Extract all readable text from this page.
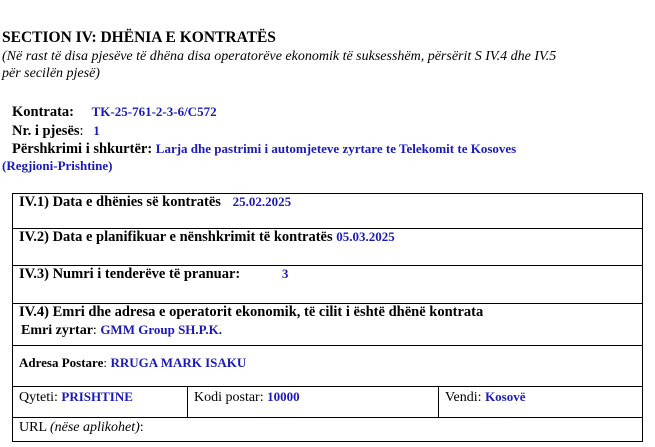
SECTION IV: DHËNIA E KONTRATËS
(Në rast të disa pjesëve të dhëna disa operatorëve ekonomik të suksesshëm, përsërit S IV.4 dhe IV.5
për secilën pjesë)
Kontrata: TK-25-761-2-3-6/C572
Nr. i pjesës: 1
Përshkrimi i shkurtër: Larja dhe pastrimi i automjeteve zyrtare te Telekomit te Kosoves
(Regjioni-Prishtine)
IV.1) Data e dhënies së kontratës 25.02.2025
IV.2) Data e planifikuar e nënshkrimit të kontratës 05.03.2025
IV.3) Numri i tenderëve të pranuar:	3

IV.4) Emri dhe adresa e operatorit ekonomik, të cilit i është dhënë kontrata
Emri zyrtar: GMM Group SH.P.K.

Adresa Postare: RRUGA MARK ISAKU
Qyteti: PRISHTINE	Kodi postar: 10000	Vendi: Kosovë
URL (nëse aplikohet):
